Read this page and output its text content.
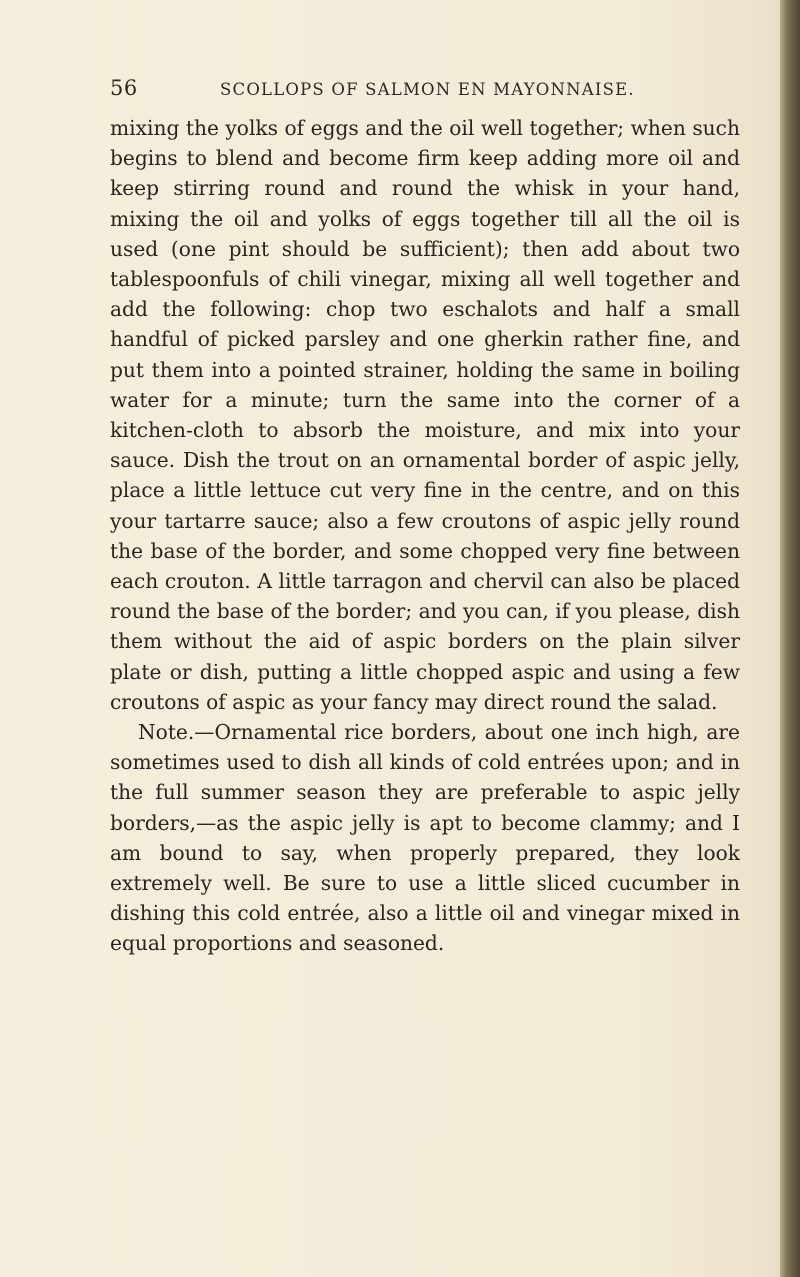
56	SCOLLOPS OF SALMON EN MAYONNAISE.

mixing the yolks of eggs and the oil well together; when such begins to blend and become firm keep adding more oil and keep stirring round and round the whisk in your hand, mixing the oil and yolks of eggs together till all the oil is used (one pint should be sufficient); then add about two tablespoonfuls of chili vinegar, mixing all well together and add the following: chop two eschalots and half a small handful of picked parsley and one gherkin rather fine, and put them into a pointed strainer, holding the same in boiling water for a minute; turn the same into the corner of a kitchen-cloth to absorb the moisture, and mix into your sauce. Dish the trout on an ornamental border of aspic jelly, place a little lettuce cut very fine in the centre, and on this your tartarre sauce; also a few croutons of aspic jelly round the base of the border, and some chopped very fine between each crouton. A little tarragon and chervil can also be placed round the base of the border; and you can, if you please, dish them without the aid of aspic borders on the plain silver plate or dish, putting a little chopped aspic and using a few croutons of aspic as your fancy may direct round the salad.

Note.—Ornamental rice borders, about one inch high, are sometimes used to dish all kinds of cold entrées upon; and in the full summer season they are preferable to aspic jelly borders,—as the aspic jelly is apt to become clammy; and I am bound to say, when properly prepared, they look extremely well. Be sure to use a little sliced cucumber in dishing this cold entrée, also a little oil and vinegar mixed in equal proportions and seasoned.
